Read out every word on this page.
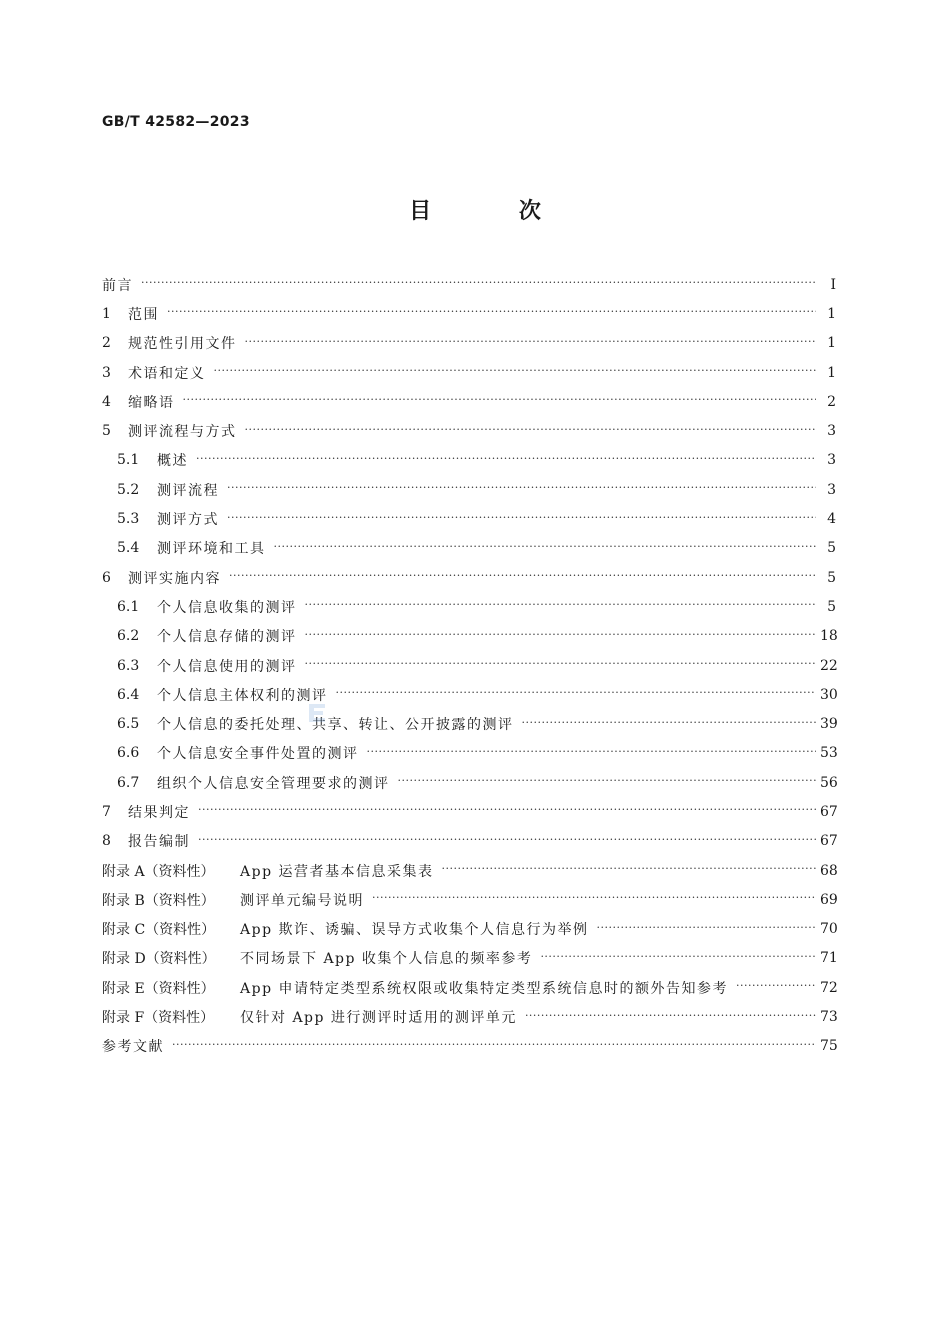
GB/T 42582—2023
目 次
前言 ·····	Ⅰ
1	范围 ·····	1
2	规范性引用文件 ·····	1
3	术语和定义 ·····	1
4	缩略语 ·····	2
5	测评流程与方式 ·····	3
5.1	概述 ·····	3
5.2	测评流程 ·····	3
5.3	测评方式 ·····	4
5.4	测评环境和工具 ·····	5
6	测评实施内容 ·····	5
6.1	个人信息收集的测评 ·····	5
6.2	个人信息存储的测评 ·····	18
6.3	个人信息使用的测评 ·····	22
6.4	个人信息主体权利的测评 ·····	30
6.5	个人信息的委托处理、共享、转让、公开披露的测评 ·····	39
6.6	个人信息安全事件处置的测评 ·····	53
6.7	组织个人信息安全管理要求的测评 ·····	56
7	结果判定 ·····	67
8	报告编制 ·····	67
附录 A（资料性）	App 运营者基本信息采集表 ·····	68
附录 B（资料性）	测评单元编号说明 ·····	69
附录 C（资料性）	App 欺诈、诱骗、误导方式收集个人信息行为举例 ·····	70
附录 D（资料性）	不同场景下 App 收集个人信息的频率参考 ·····	71
附录 E（资料性）	App 申请特定类型系统权限或收集特定类型系统信息时的额外告知参考 ·····	72
附录 F（资料性）	仅针对 App 进行测评时适用的测评单元 ·····	73
参考文献 ·····	75
